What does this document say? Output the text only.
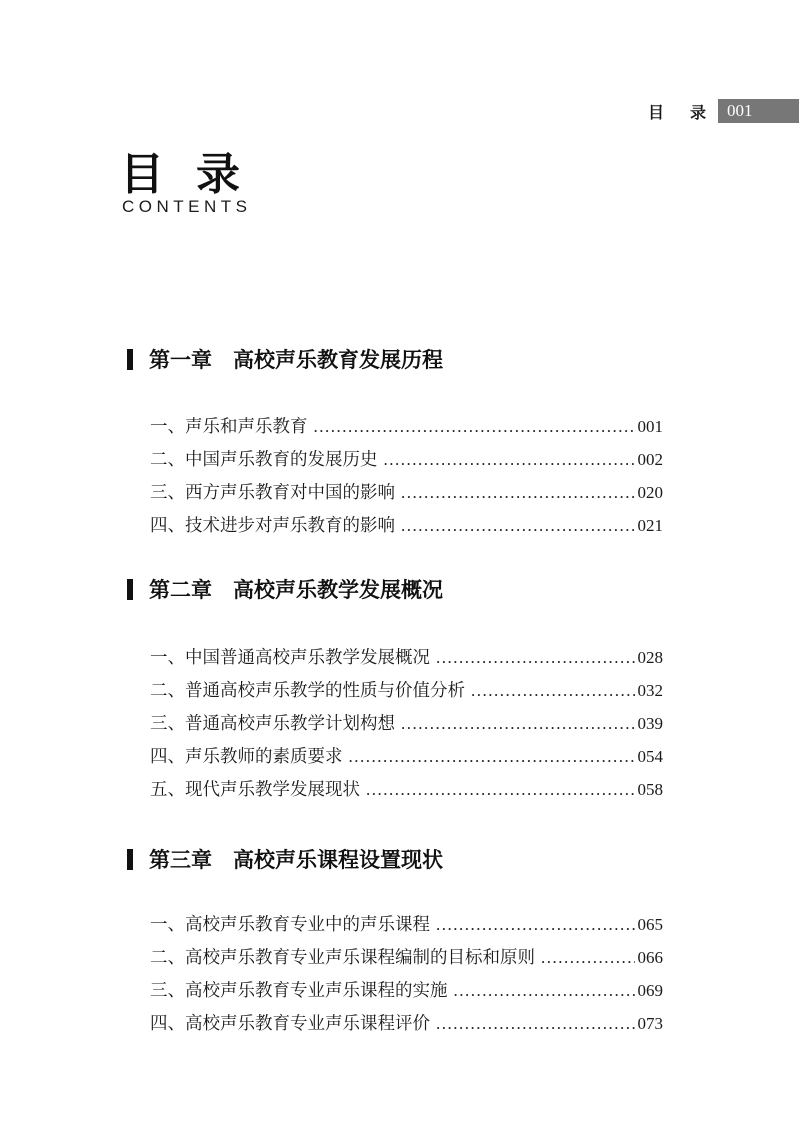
目 录	001
目 录
CONTENTS
第一章　高校声乐教育发展历程
一、声乐和声乐教育 .....	001
二、中国声乐教育的发展历史 .....	002
三、西方声乐教育对中国的影响 .....	020
四、技术进步对声乐教育的影响 .....	021
第二章　高校声乐教学发展概况
一、中国普通高校声乐教学发展概况 .....	028
二、普通高校声乐教学的性质与价值分析 .....	032
三、普通高校声乐教学计划构想 .....	039
四、声乐教师的素质要求 .....	054
五、现代声乐教学发展现状 .....	058
第三章　高校声乐课程设置现状
一、高校声乐教育专业中的声乐课程 .....	065
二、高校声乐教育专业声乐课程编制的目标和原则 .....	066
三、高校声乐教育专业声乐课程的实施 .....	069
四、高校声乐教育专业声乐课程评价 .....	073
